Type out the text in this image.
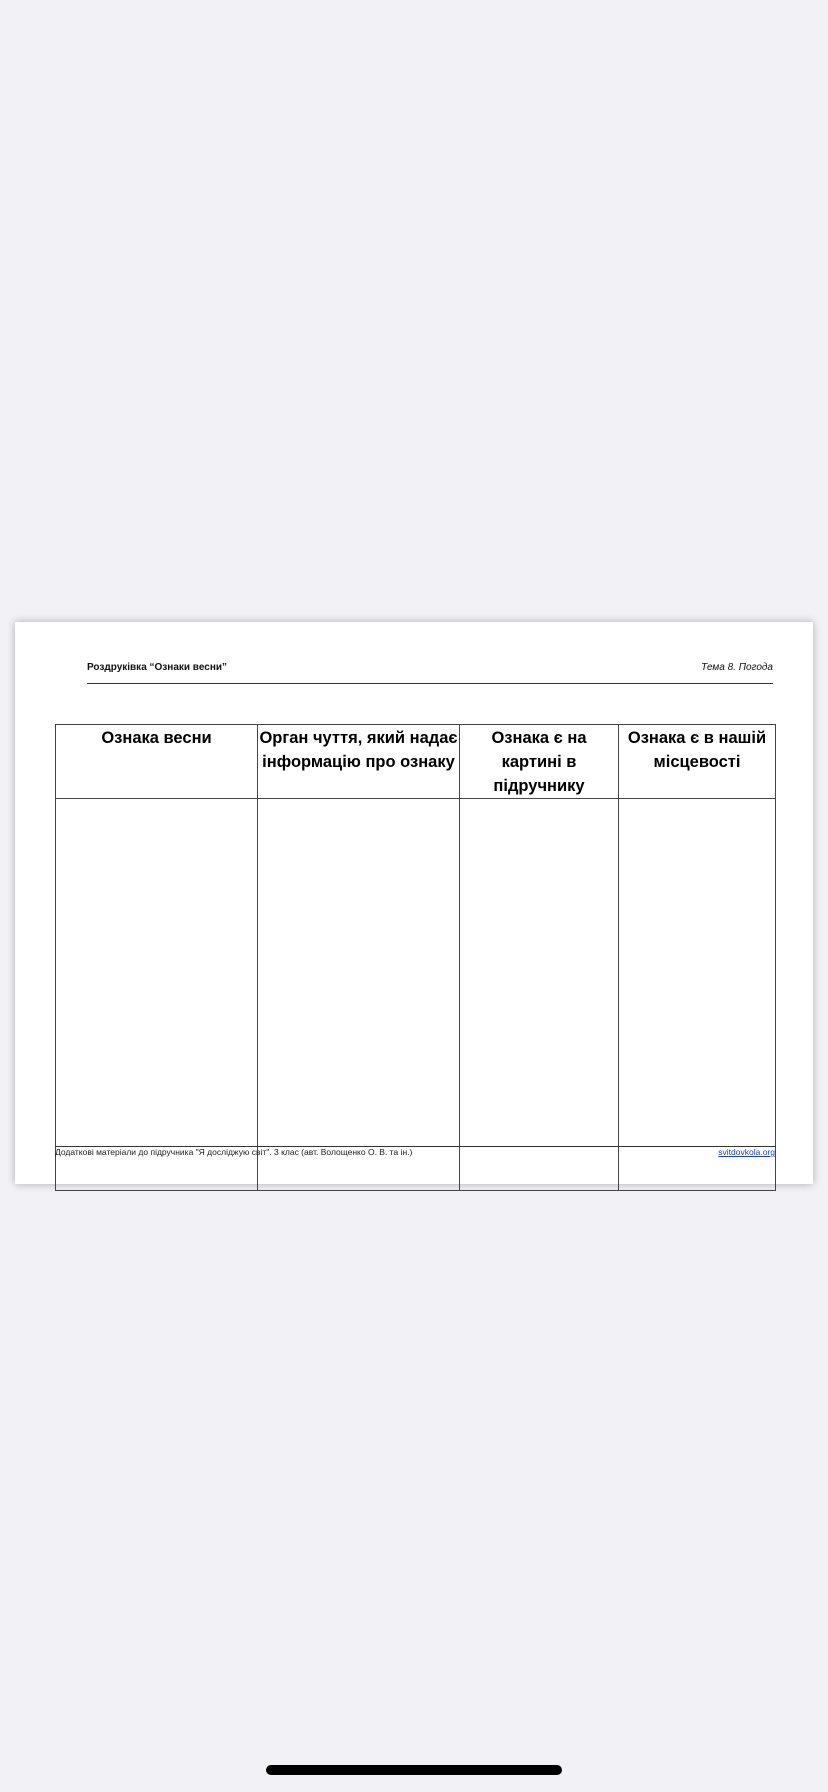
Роздруківка “Ознаки весни”	Тема 8. Погода
Ознака весни	Орган чуття, який надає інформацію про ознаку	Ознака є на картині в підручнику	Ознака є в нашій місцевості

Додаткові матеріали до підручника "Я досліджую світ". 3 клас (авт. Волощенко О. В. та ін.)	svitdovkola.org
